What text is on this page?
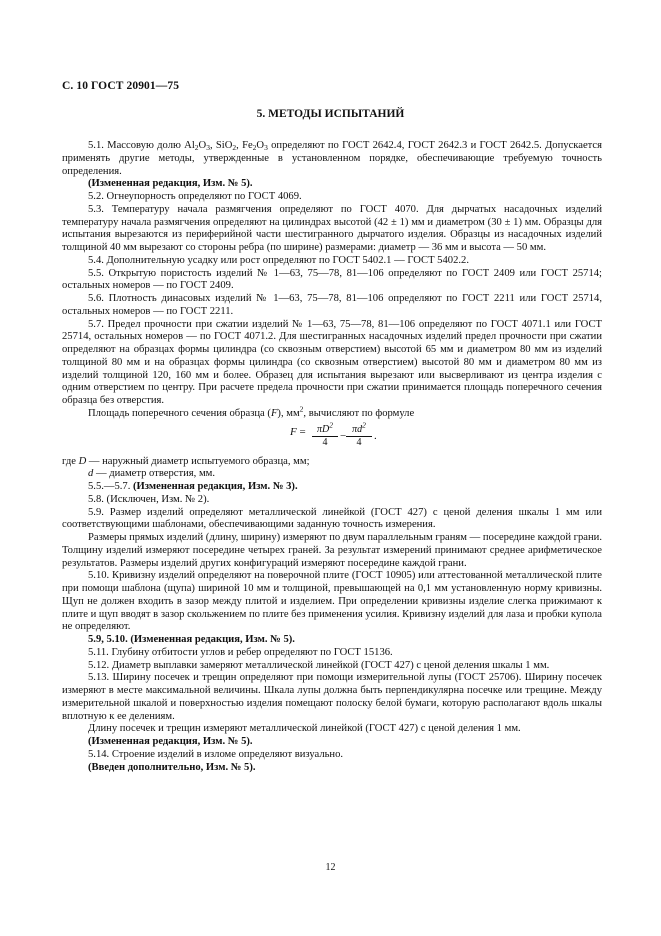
С. 10 ГОСТ 20901—75
5. МЕТОДЫ ИСПЫТАНИЙ

5.1. Массовую долю $Al_2O_3$, SiO$_2$, $Fe_2O_3$ определяют по ГОСТ 2642.4, ГОСТ 2642.3 и ГОСТ 2642.5. Допускается применять другие методы, утвержденные в установленном порядке, обеспечивающие требуемую точность определения.

(Измененная редакция, Изм. № 5).

5.2. Огнеупорность определяют по ГОСТ 4069.

5.3. Температуру начала размягчения определяют по ГОСТ 4070. Для дырчатых насадочных изделий температуру начала размягчения определяют на цилиндрах высотой (42 ± 1) мм и диаметром (30 ± 1) мм. Образцы для испытания вырезаются из периферийной части шестигранного дырчатого изделия. Образцы из насадочных изделий толщиной 40 мм вырезают со стороны ребра (по ширине) размерами: диаметр — 36 мм и высота — 50 мм.

5.4. Дополнительную усадку или рост определяют по ГОСТ 5402.1 — ГОСТ 5402.2.

5.5. Открытую пористость изделий № 1—63, 75—78, 81—106 определяют по ГОСТ 2409 или ГОСТ 25714; остальных номеров — по ГОСТ 2409.

5.6. Плотность динасовых изделий № 1—63, 75—78, 81—106 определяют по ГОСТ 2211 или ГОСТ 25714, остальных номеров — по ГОСТ 2211.

5.7. Предел прочности при сжатии изделий № 1—63, 75—78, 81—106 определяют по ГОСТ 4071.1 или ГОСТ 25714, остальных номеров — по ГОСТ 4071.2. Для шестигранных насадочных изделий предел прочности при сжатии определяют на образцах формы цилиндра (со сквозным отверстием) высотой 65 мм и диаметром 80 мм из изделий толщиной 80 мм и на образцах формы цилиндра (со сквозным отверстием) высотой 80 мм и диаметром 80 мм из изделий толщиной 120, 160 мм и более. Образец для испытания вырезают или высверливают из центра изделия с одним отверстием по центру. При расчете предела прочности при сжатии принимается площадь поперечного сечения образца без отверстия.

Площадь поперечного сечения образца (F), $мм^2$, вычисляют по формуле

$F = \frac{\pi D^2}{4} - \frac{\pi d^2}{4}$ .

где D — наружный диаметр испытуемого образца, мм;

d — диаметр отверстия, мм.

5.5.—5.7. (Измененная редакция, Изм. № 3).

5.8. (Исключен, Изм. № 2).

5.9. Размер изделий определяют металлической линейкой (ГОСТ 427) с ценой деления шкалы 1 мм или соответствующими шаблонами, обеспечивающими заданную точность измерения.

Размеры прямых изделий (длину, ширину) измеряют по двум параллельным граням — посередине каждой грани. Толщину изделий измеряют посередине четырех граней. За результат измерений принимают среднее арифметическое результатов. Размеры изделий других конфигураций измеряют посередине каждой грани.

5.10. Кривизну изделий определяют на поверочной плите (ГОСТ 10905) или аттестованной металлической плите при помощи шаблона (щупа) шириной 10 мм и толщиной, превышающей на 0,1 мм установленную норму кривизны. Щуп не должен входить в зазор между плитой и изделием. При определении кривизны изделие слегка прижимают к плите и щуп вводят в зазор скольжением по плите без применения усилия. Кривизну изделий для лаза и пробки купола не определяют.

5.9, 5.10. (Измененная редакция, Изм. № 5).

5.11. Глубину отбитости углов и ребер определяют по ГОСТ 15136.

5.12. Диаметр выплавки замеряют металлической линейкой (ГОСТ 427) с ценой деления шкалы 1 мм.

5.13. Ширину посечек и трещин определяют при помощи измерительной лупы (ГОСТ 25706). Ширину посечек измеряют в месте максимальной величины. Шкала лупы должна быть перпендикулярна посечке или трещине. Между измерительной шкалой и поверхностью изделия помещают полоску белой бумаги, которую располагают вдоль шкалы вплотную к ее делениям.

Длину посечек и трещин измеряют металлической линейкой (ГОСТ 427) с ценой деления 1 мм.

(Измененная редакция, Изм. № 5).

5.14. Строение изделий в изломе определяют визуально.

(Введен дополнительно, Изм. № 5).

12
